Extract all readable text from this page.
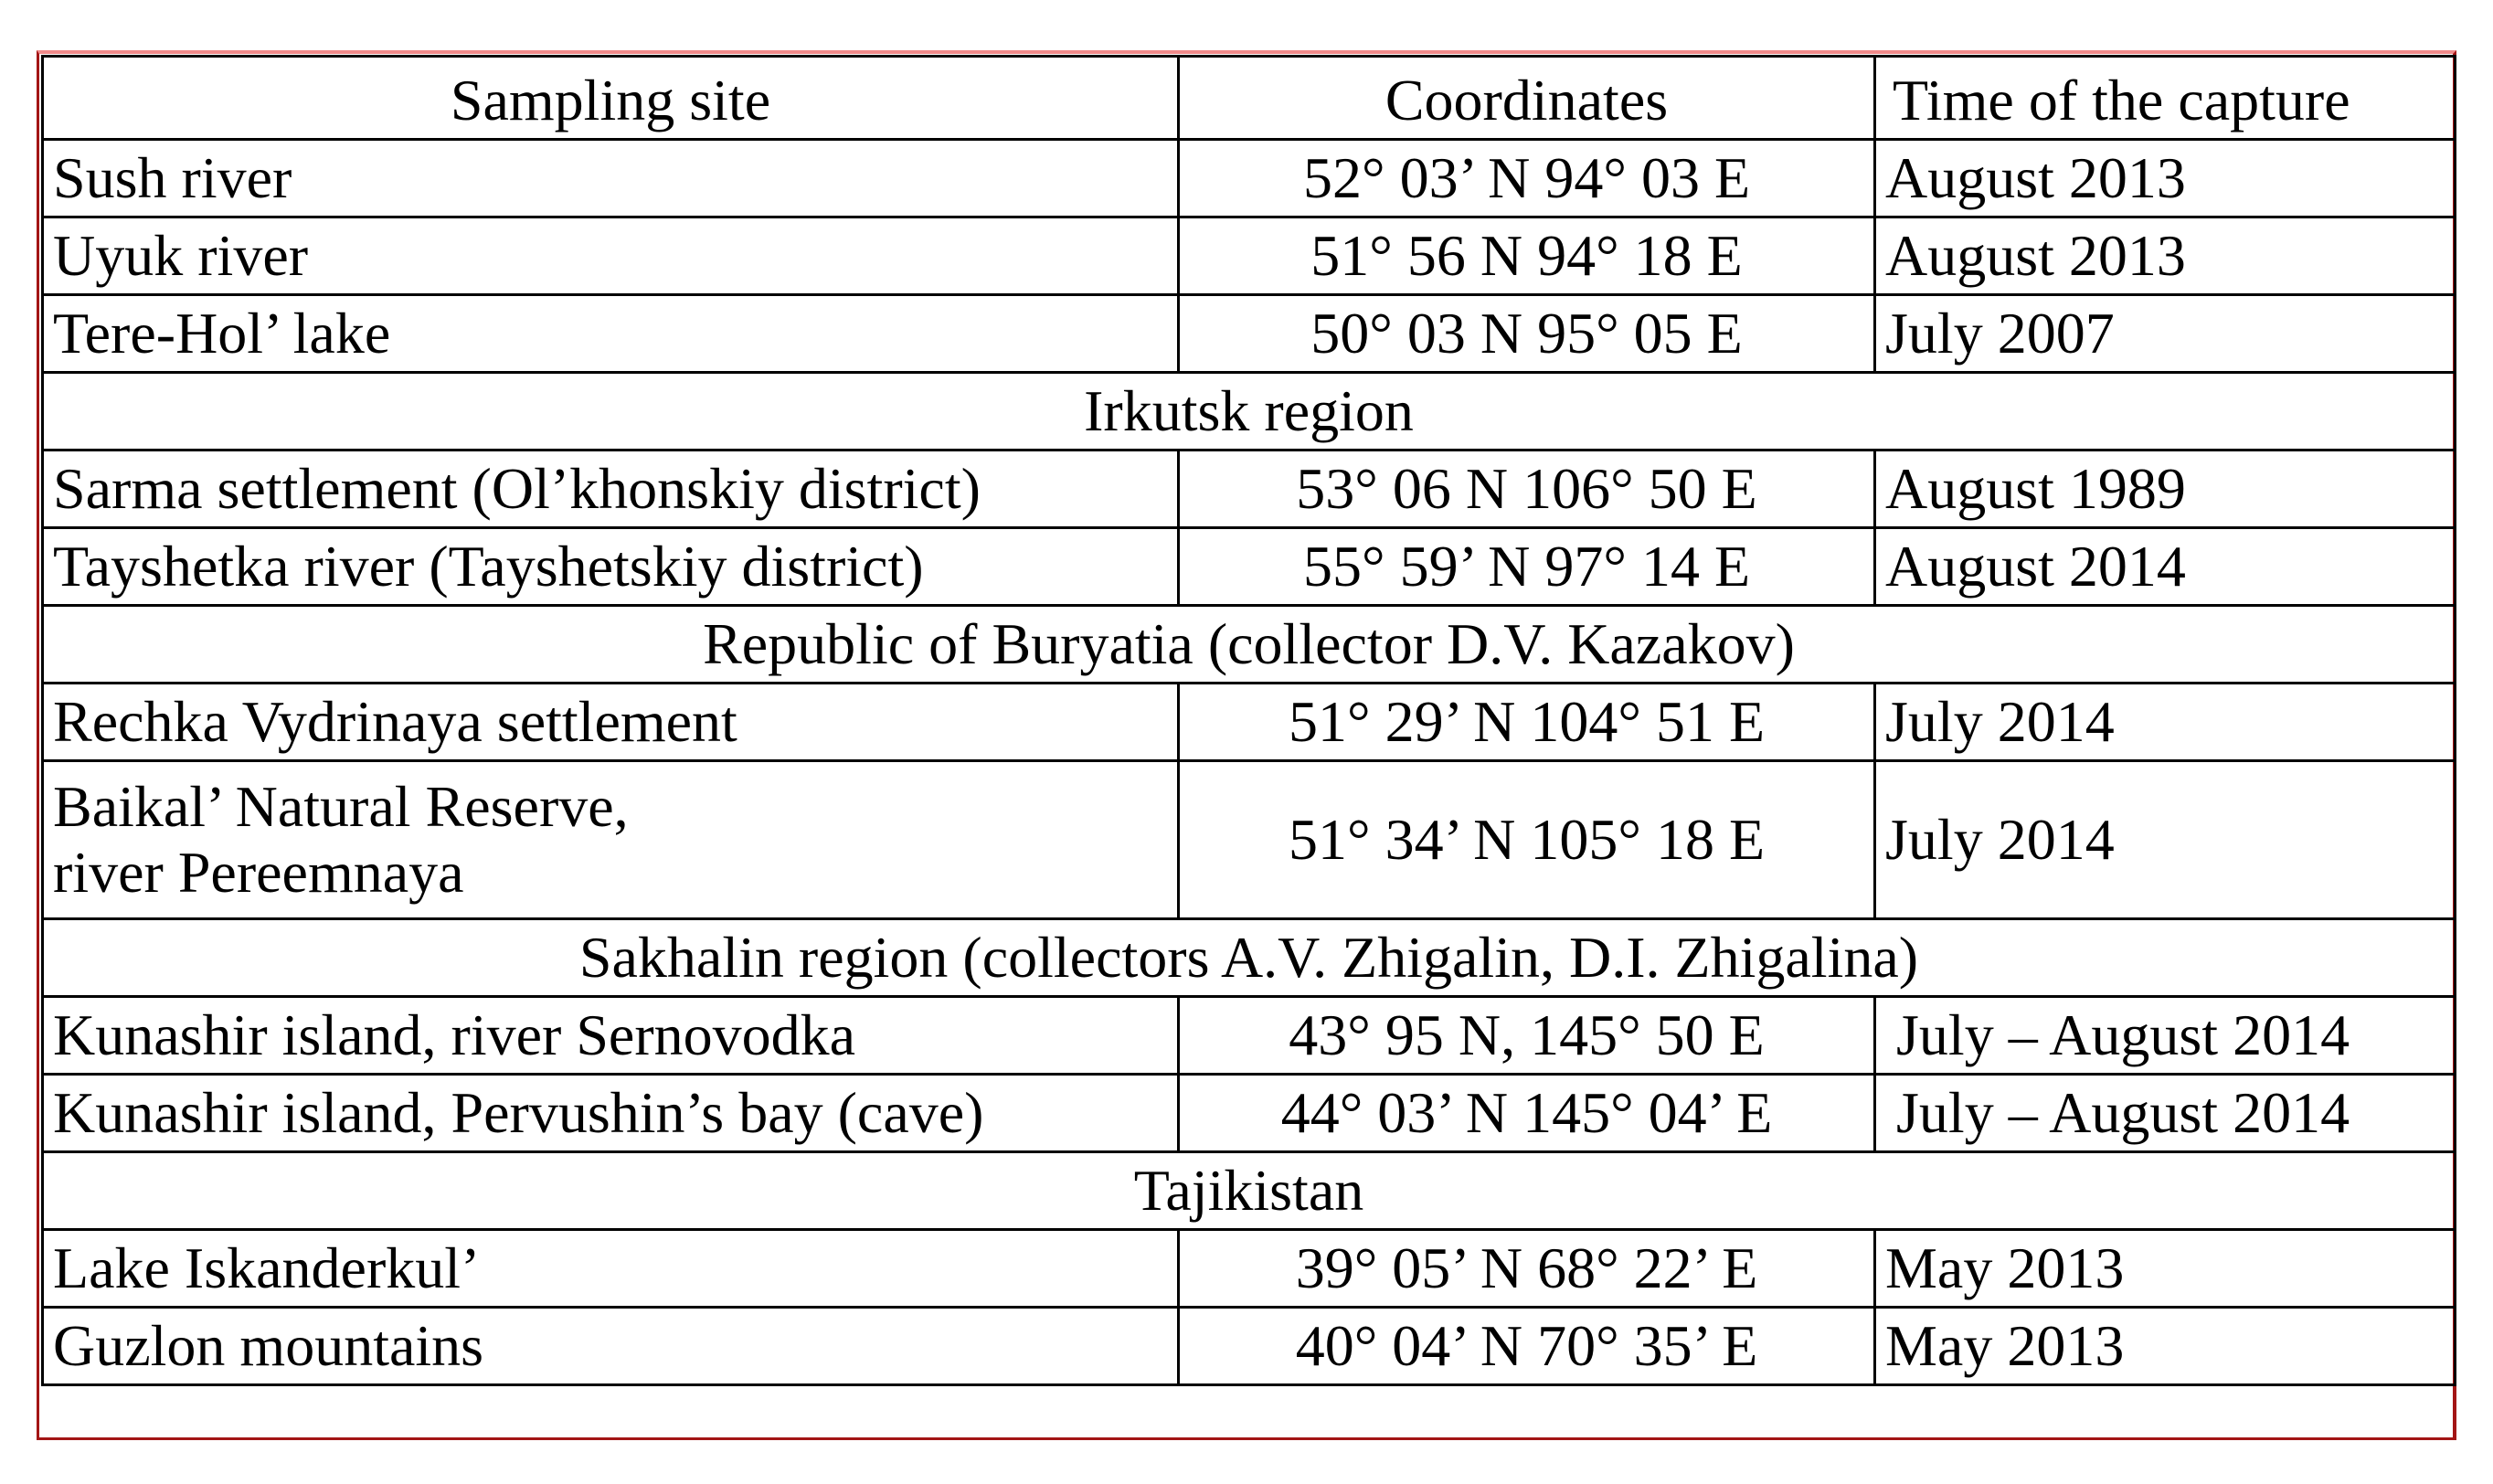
Sampling site	Coordinates	Time of the capture
Sush river	52° 03’ N 94° 03 E	August 2013
Uyuk river	51° 56 N 94° 18 E	August 2013
Tere-Hol’ lake	50° 03 N 95° 05 E	July 2007
Irkutsk region		
Sarma settlement (Ol’khonskiy district)	53° 06 N 106° 50 E	August 1989
Tayshetka river (Tayshetskiy district)	55° 59’ N 97° 14 E	August 2014
Republic of Buryatia (collector D.V. Kazakov)		
Rechka Vydrinaya settlement	51° 29’ N 104° 51 E	July 2014

Baikal’ Natural Reserve,
river Pereemnaya	51° 34’ N 105° 18 E	July 2014
Sakhalin region (collectors A.V. Zhigalin, D.I. Zhigalina)		
Kunashir island, river Sernovodka	43° 95 N, 145° 50 E	July – August 2014
Kunashir island, Pervushin’s bay (cave)	44° 03’ N 145° 04’ E	July – August 2014
Tajikistan		
Lake Iskanderkul’	39° 05’ N 68° 22’ E	May 2013
Guzlon mountains	40° 04’ N 70° 35’ E	May 2013
